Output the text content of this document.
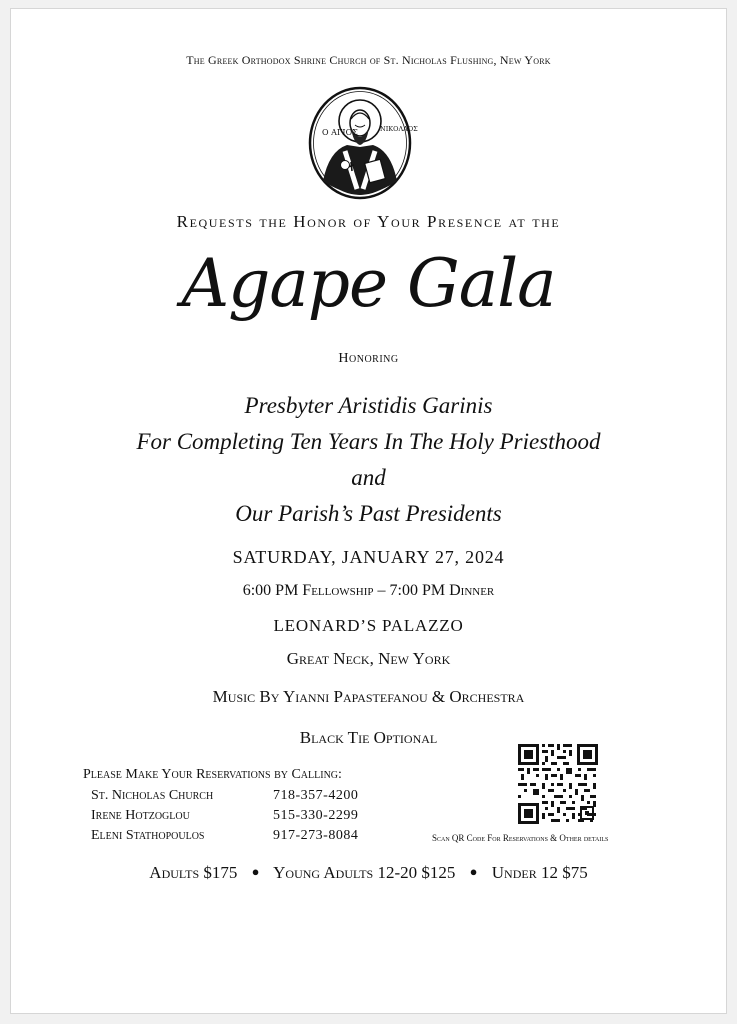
The Greek Orthodox Shrine Church of St. Nicholas Flushing, New York
Ο ΑΓΙΟΣ	ΝΙΚΟΛΑΟΣ
Requests the Honor of Your Presence at the
Agape Gala
Honoring
Presbyter Aristidis Garinis
For Completing Ten Years In The Holy Priesthood
and
Our Parish’s Past Presidents
SATURDAY, JANUARY 27, 2024
6:00 PM Fellowship – 7:00 PM Dinner
LEONARD’S PALAZZO
Great Neck, New York
Music By Yianni Papastefanou & Orchestra
Black Tie Optional
Please Make Your Reservations by Calling:
St. Nicholas Church	718-357-4200
Irene Hotzoglou	515-330-2299
Eleni Stathopoulos	917-273-8084	Scan QR Code For Reservations & Other details
Adults $175 ● Young Adults 12-20 $125 ● Under 12 $75
